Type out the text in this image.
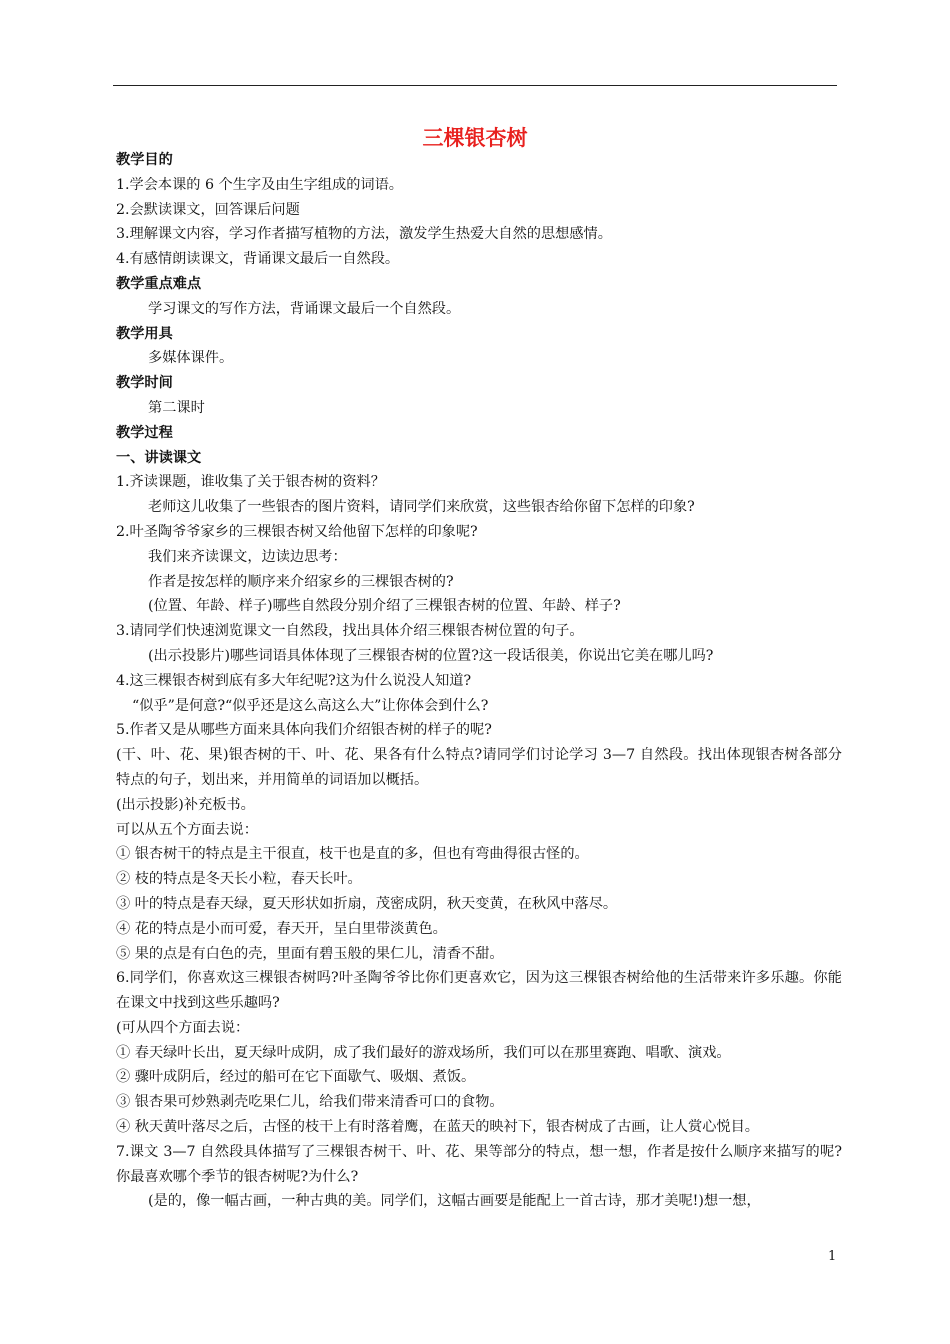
三棵银杏树
教学目的
1.学会本课的 6 个生字及由生字组成的词语。
2.会默读课文，回答课后问题
3.理解课文内容，学习作者描写植物的方法，激发学生热爱大自然的思想感情。
4.有感情朗读课文，背诵课文最后一自然段。
教学重点难点
学习课文的写作方法，背诵课文最后一个自然段。
教学用具
多媒体课件。
教学时间
第二课时
教学过程
一、讲读课文
1.齐读课题，谁收集了关于银杏树的资料？
老师这儿收集了一些银杏的图片资料，请同学们来欣赏，这些银杏给你留下怎样的印象?
2.叶圣陶爷爷家乡的三棵银杏树又给他留下怎样的印象呢?
我们来齐读课文，边读边思考：
作者是按怎样的顺序来介绍家乡的三棵银杏树的?
(位置、年龄、样子)哪些自然段分别介绍了三棵银杏树的位置、年龄、样子?
3.请同学们快速浏览课文一自然段，找出具体介绍三棵银杏树位置的句子。
(出示投影片)哪些词语具体体现了三棵银杏树的位置?这一段话很美，你说出它美在哪儿吗?
4.这三棵银杏树到底有多大年纪呢?这为什么说没人知道?
“似乎”是何意?“似乎还是这么高这么大”让你体会到什么?
5.作者又是从哪些方面来具体向我们介绍银杏树的样子的呢?
(干、叶、花、果)银杏树的干、叶、花、果各有什么特点?请同学们讨论学习 3—7 自然段。找出体现银杏树各部分特点的句子，划出来，并用简单的词语加以概括。
(出示投影)补充板书。
可以从五个方面去说：
① 银杏树干的特点是主干很直，枝干也是直的多，但也有弯曲得很古怪的。
② 枝的特点是冬天长小粒，春天长叶。
③ 叶的特点是春天绿，夏天形状如折扇，茂密成阴，秋天变黄，在秋风中落尽。
④ 花的特点是小而可爱，春天开，呈白里带淡黄色。
⑤ 果的点是有白色的壳，里面有碧玉般的果仁儿，清香不甜。
6.同学们，你喜欢这三棵银杏树吗?叶圣陶爷爷比你们更喜欢它，因为这三棵银杏树给他的生活带来许多乐趣。你能在课文中找到这些乐趣吗?
(可从四个方面去说：
① 春天绿叶长出，夏天绿叶成阴，成了我们最好的游戏场所，我们可以在那里赛跑、唱歌、演戏。
② 骤叶成阴后，经过的船可在它下面歇气、吸烟、煮饭。
③ 银杏果可炒熟剥壳吃果仁儿，给我们带来清香可口的食物。
④ 秋天黄叶落尽之后，古怪的枝干上有时落着鹰，在蓝天的映衬下，银杏树成了古画，让人赏心悦目。
7.课文 3—7 自然段具体描写了三棵银杏树干、叶、花、果等部分的特点，想一想，作者是按什么顺序来描写的呢?你最喜欢哪个季节的银杏树呢?为什么?
(是的，像一幅古画，一种古典的美。同学们，这幅古画要是能配上一首古诗，那才美呢!)想一想，
1
